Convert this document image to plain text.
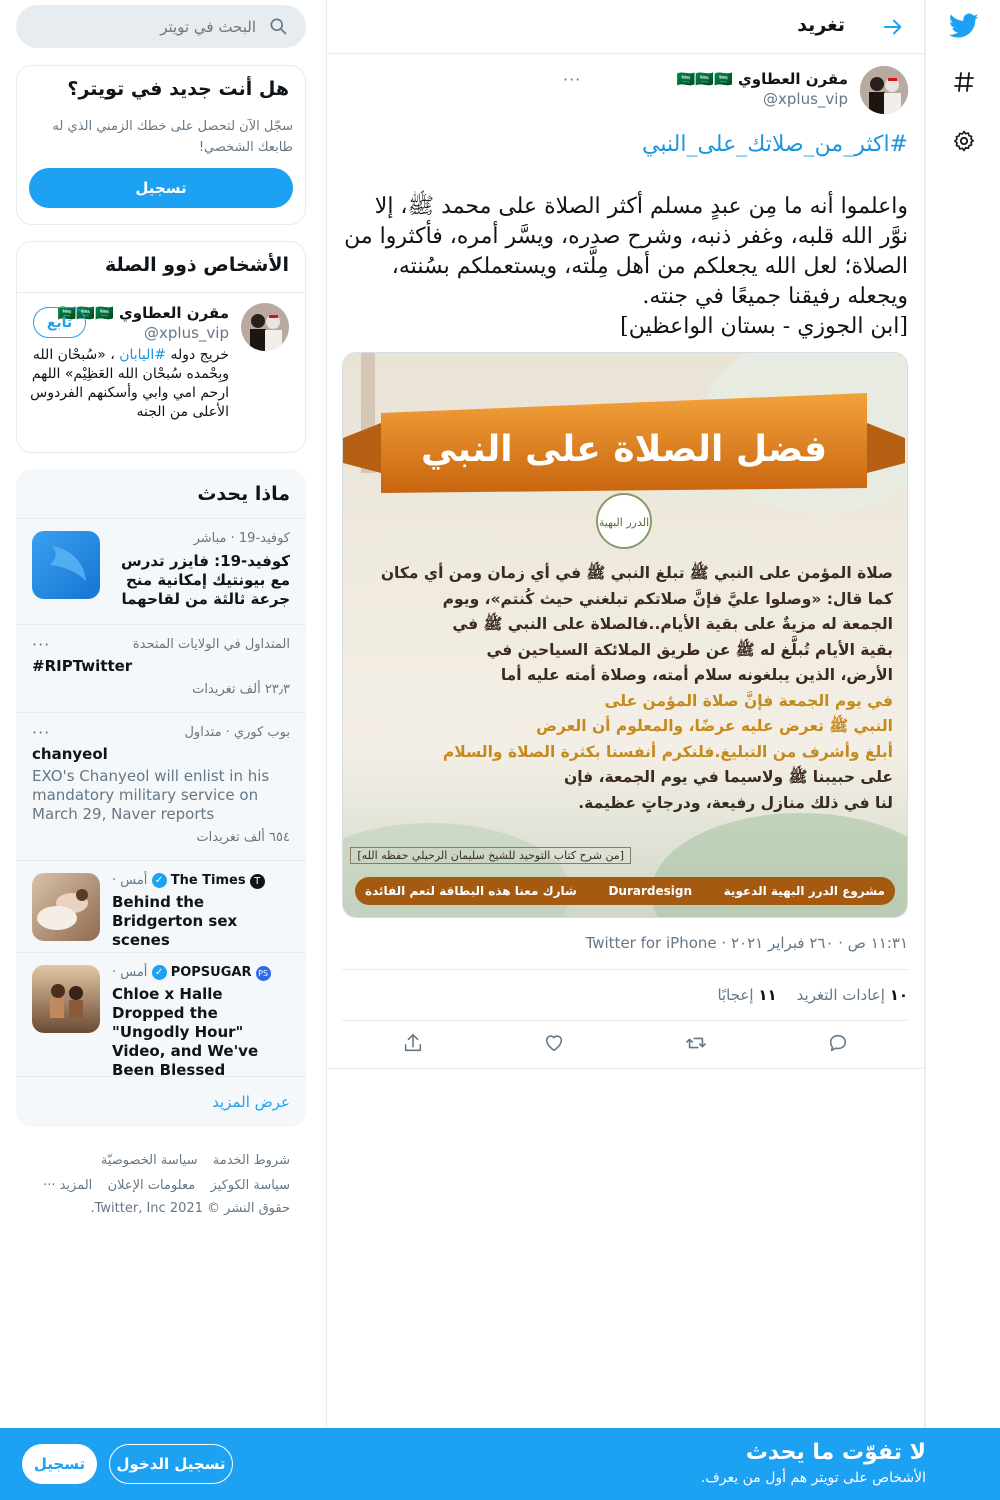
تغريد
مقرن العطاوي 🇸🇦🇸🇦🇸🇦
@xplus_vip
···
#اكثر_من_صلاتك_على_النبي
واعلموا أنه ما مِن عبدٍ مسلم أكثر الصلاة على محمد ﷺ، إلا نوَّر الله قلبه، وغفر ذنبه، وشرح صدره، ويسَّر أمره، فأكثروا من الصلاة؛ لعل الله يجعلكم من أهل مِلَّته، ويستعملكم بسُنته، ويجعله رفيقنا جميعًا في جنته.
[ابن الجوزي - بستان الواعظين]
فضل الصلاة على النبي
الدرر البهية
صلاة المؤمن على النبي ﷺ تبلغ النبي ﷺ في أي زمان ومن أي مكان
كما قال: «وصلوا عليَّ فإنَّ صلاتكم تبلغني حيث كُنتم»، ويوم
الجمعة له مزيةٌ على بقية الأيام..فالصلاة على النبي ﷺ في
بقية الأيام تُبلَّغ له ﷺ عن طريق الملائكة السياحين في
الأرض، الذين يبلغونه سلام أمته، وصلاة أمته عليه أما
في يوم الجمعة فإنَّ صلاة المؤمن على
النبي ﷺ تعرض عليه عرضًا، والمعلوم أن العرض
أبلغ وأشرف من التبليغ.فلنكرم أنفسنا بكثرة الصلاة والسلام
على حبيبنا ﷺ ولاسيما في يوم الجمعة، فإن
لنا في ذلك منازل رفيعة، ودرجاتٍ عظيمة.
[من شرح كتاب التوحيد للشيخ سليمان الرحيلي حفظه الله]
مشروع الدرر البهية الدعوية
Durardesign
شارك معنا هذه البطاقة لتعم الفائدة
١١:٣١ ص · ٢٦٠ فبراير ٢٠٢١ · Twitter for iPhone
١٠ إعادات التغريد
١١ إعجابًا
البحث في تويتر
هل أنت جديد في تويتر؟
سجّل الآن لتحصل على خطك الزمني الذي له طابعك الشخصي!
تسجيل
الأشخاص ذوو الصلة
مقرن العطاوي 🇸🇦🇸🇦🇸🇦
@xplus_vip
تابع
خريج دوله #اليابان ، «سُبحْان الله وبِحْمده سُبحْان الله العَظِيْم» اللهم ارحم امي وابي وأسكنهم الفردوس الأعلى من الجنه
ماذا يحدث
كوفيد-19 · مباشر
كوفيد-19: فايزر تدرس مع بيونتيك إمكانية منح جرعة ثالثة من لقاحهما
المتداول في الولايات المتحدة
···
#RIPTwitter
٢٣٫٣ ألف تغريدات
بوب كوري · متداول
···
chanyeol
EXO's Chanyeol will enlist in his mandatory military service on March 29, Naver reports
٦٥٤ ألف تغريدات
· أمس ✓ The Times T
Behind the Bridgerton sex scenes
· أمس ✓ POPSUGAR PS
Chloe x Halle Dropped the "Ungodly Hour" Video, and We've Been Blessed
عرض المزيد
شروط الخدمة   سياسة الخصوصيّة
سياسة الكوكيز   معلومات الإعلان   المزيد ···
حقوق النشر © 2021 Twitter, Inc.
لا تفوّت ما يحدث
الأشخاص على تويتر هم أول من يعرف.
تسجيل الدخول
تسجيل
